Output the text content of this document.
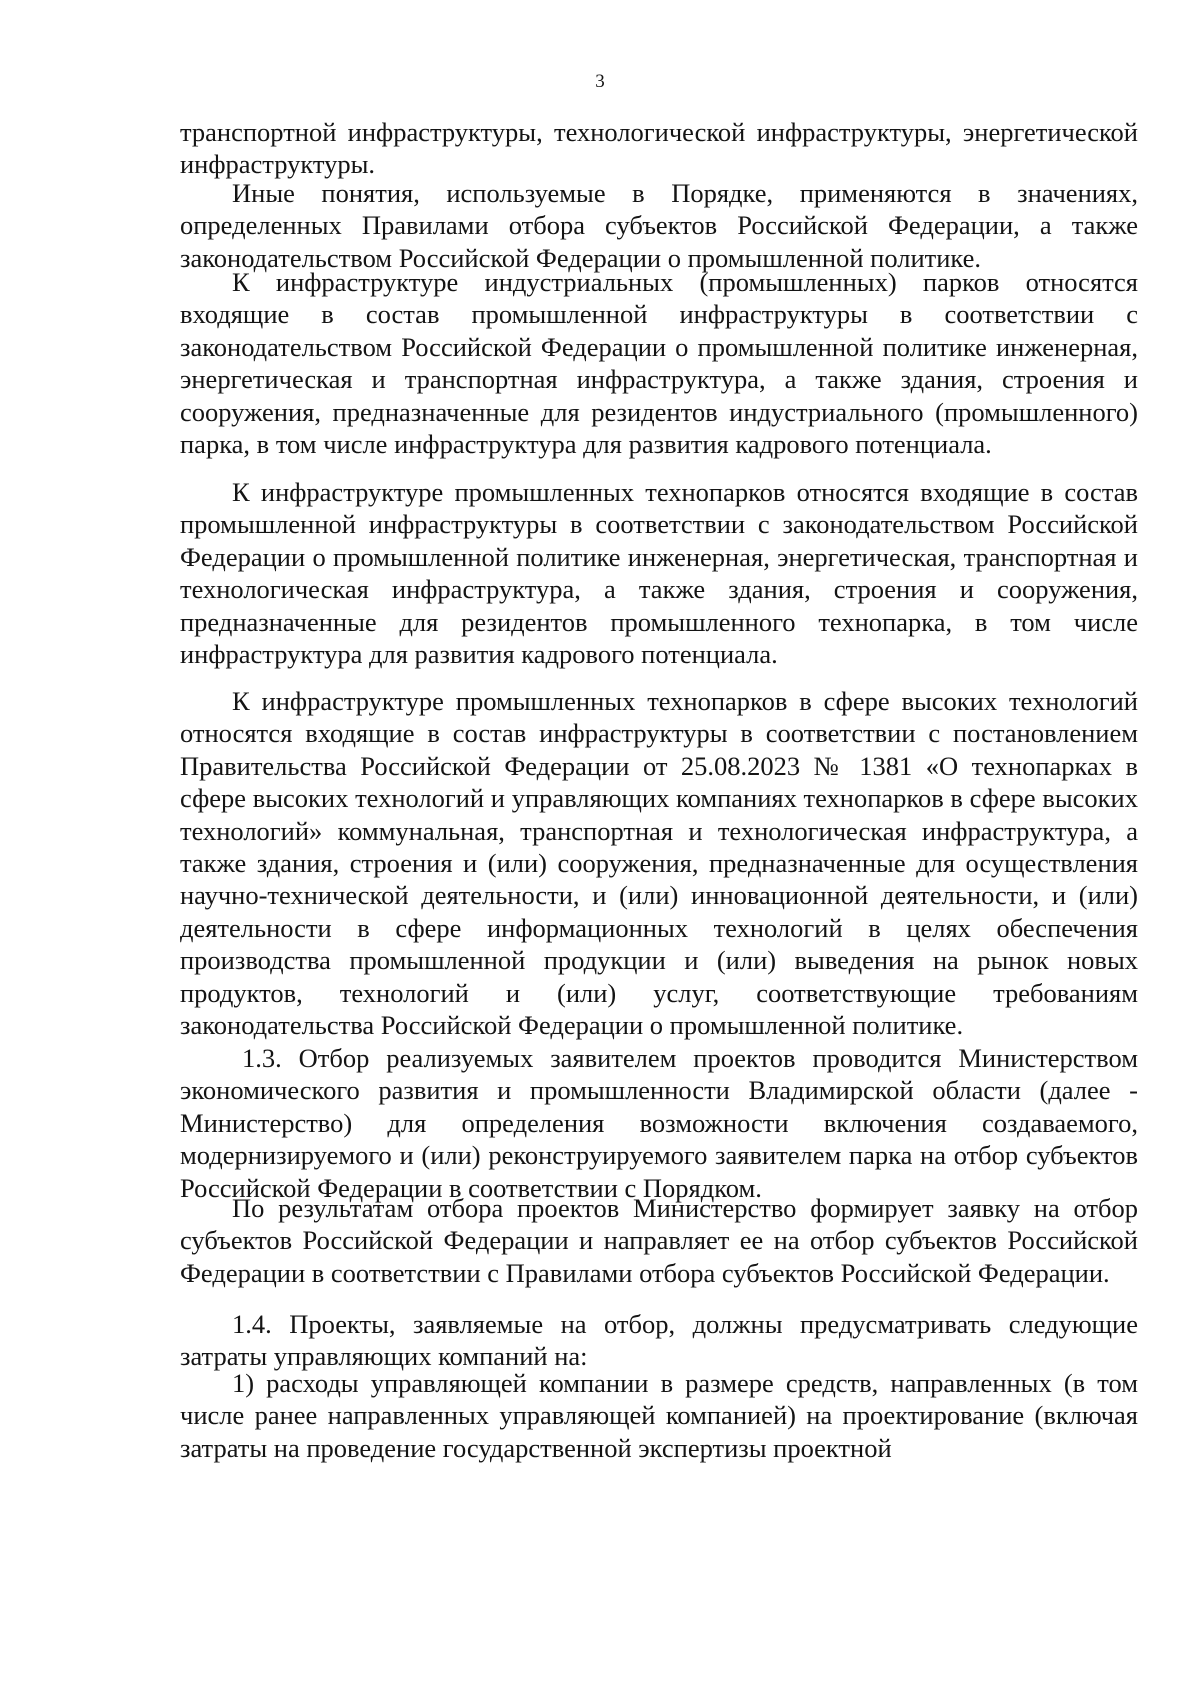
3

транспортной инфраструктуры, технологической инфраструктуры, энергетической инфраструктуры.

Иные понятия, используемые в Порядке, применяются в значениях, определенных Правилами отбора субъектов Российской Федерации, а также законодательством Российской Федерации о промышленной политике.

К инфраструктуре индустриальных (промышленных) парков относятся входящие в состав промышленной инфраструктуры в соответствии с законодательством Российской Федерации о промышленной политике инженерная, энергетическая и транспортная инфраструктура, а также здания, строения и сооружения, предназначенные для резидентов индустриального (промышленного) парка, в том числе инфраструктура для развития кадрового потенциала.

К инфраструктуре промышленных технопарков относятся входящие в состав промышленной инфраструктуры в соответствии с законодательством Российской Федерации о промышленной политике инженерная, энергетическая, транспортная и технологическая инфраструктура, а также здания, строения и сооружения, предназначенные для резидентов промышленного технопарка, в том числе инфраструктура для развития кадрового потенциала.

К инфраструктуре промышленных технопарков в сфере высоких технологий относятся входящие в состав инфраструктуры в соответствии с постановлением Правительства Российской Федерации от 25.08.2023 № 1381 «О технопарках в сфере высоких технологий и управляющих компаниях технопарков в сфере высоких технологий» коммунальная, транспортная и технологическая инфраструктура, а также здания, строения и (или) сооружения, предназначенные для осуществления научно-технической деятельности, и (или) инновационной деятельности, и (или) деятельности в сфере информационных технологий в целях обеспечения производства промышленной продукции и (или) выведения на рынок новых продуктов, технологий и (или) услуг, соответствующие требованиям законодательства Российской Федерации о промышленной политике.

1.3. Отбор реализуемых заявителем проектов проводится Министерством экономического развития и промышленности Владимирской области (далее - Министерство) для определения возможности включения создаваемого, модернизируемого и (или) реконструируемого заявителем парка на отбор субъектов Российской Федерации в соответствии с Порядком.

По результатам отбора проектов Министерство формирует заявку на отбор субъектов Российской Федерации и направляет ее на отбор субъектов Российской Федерации в соответствии с Правилами отбора субъектов Российской Федерации.

1.4. Проекты, заявляемые на отбор, должны предусматривать следующие затраты управляющих компаний на:

1) расходы управляющей компании в размере средств, направленных (в том числе ранее направленных управляющей компанией) на проектирование (включая затраты на проведение государственной экспертизы проектной
